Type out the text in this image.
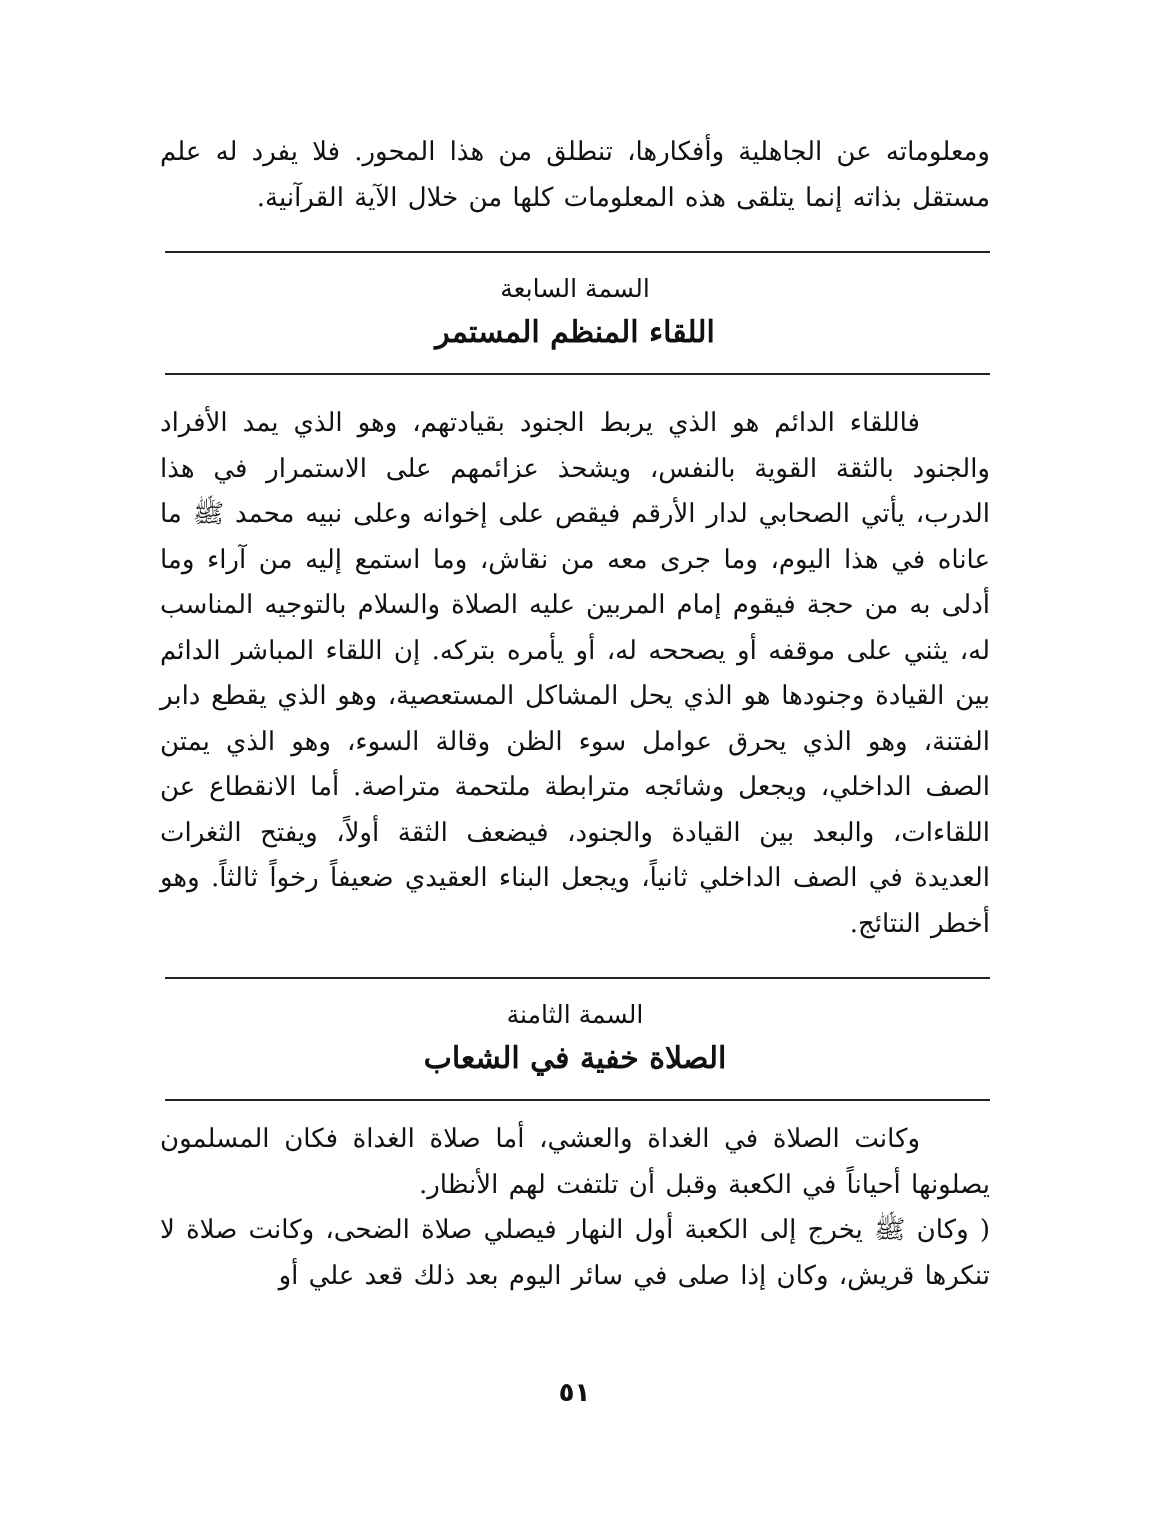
ومعلوماته عن الجاهلية وأفكارها، تنطلق من هذا المحور. فلا يفرد له علم مستقل بذاته إنما يتلقى هذه المعلومات كلها من خلال الآية القرآنية.

السمة السابعة
اللقاء المنظم المستمر

فاللقاء الدائم هو الذي يربط الجنود بقيادتهم، وهو الذي يمد الأفراد والجنود بالثقة القوية بالنفس، ويشحذ عزائمهم على الاستمرار في هذا الدرب، يأتي الصحابي لدار الأرقم فيقص على إخوانه وعلى نبيه محمد ﷺ ما عاناه في هذا اليوم، وما جرى معه من نقاش، وما استمع إليه من آراء وما أدلى به من حجة فيقوم إمام المربين عليه الصلاة والسلام بالتوجيه المناسب له، يثني على موقفه أو يصححه له، أو يأمره بتركه. إن اللقاء المباشر الدائم بين القيادة وجنودها هو الذي يحل المشاكل المستعصية، وهو الذي يقطع دابر الفتنة، وهو الذي يحرق عوامل سوء الظن وقالة السوء، وهو الذي يمتن الصف الداخلي، ويجعل وشائجه مترابطة ملتحمة متراصة. أما الانقطاع عن اللقاءات، والبعد بين القيادة والجنود، فيضعف الثقة أولاً، ويفتح الثغرات العديدة في الصف الداخلي ثانياً، ويجعل البناء العقيدي ضعيفاً رخواً ثالثاً. وهو أخطر النتائج.

السمة الثامنة
الصلاة خفية في الشعاب

وكانت الصلاة في الغداة والعشي، أما صلاة الغداة فكان المسلمون يصلونها أحياناً في الكعبة وقبل أن تلتفت لهم الأنظار.

( وكان ﷺ يخرج إلى الكعبة أول النهار فيصلي صلاة الضحى، وكانت صلاة لا تنكرها قريش، وكان إذا صلى في سائر اليوم بعد ذلك قعد علي أو

٥١
